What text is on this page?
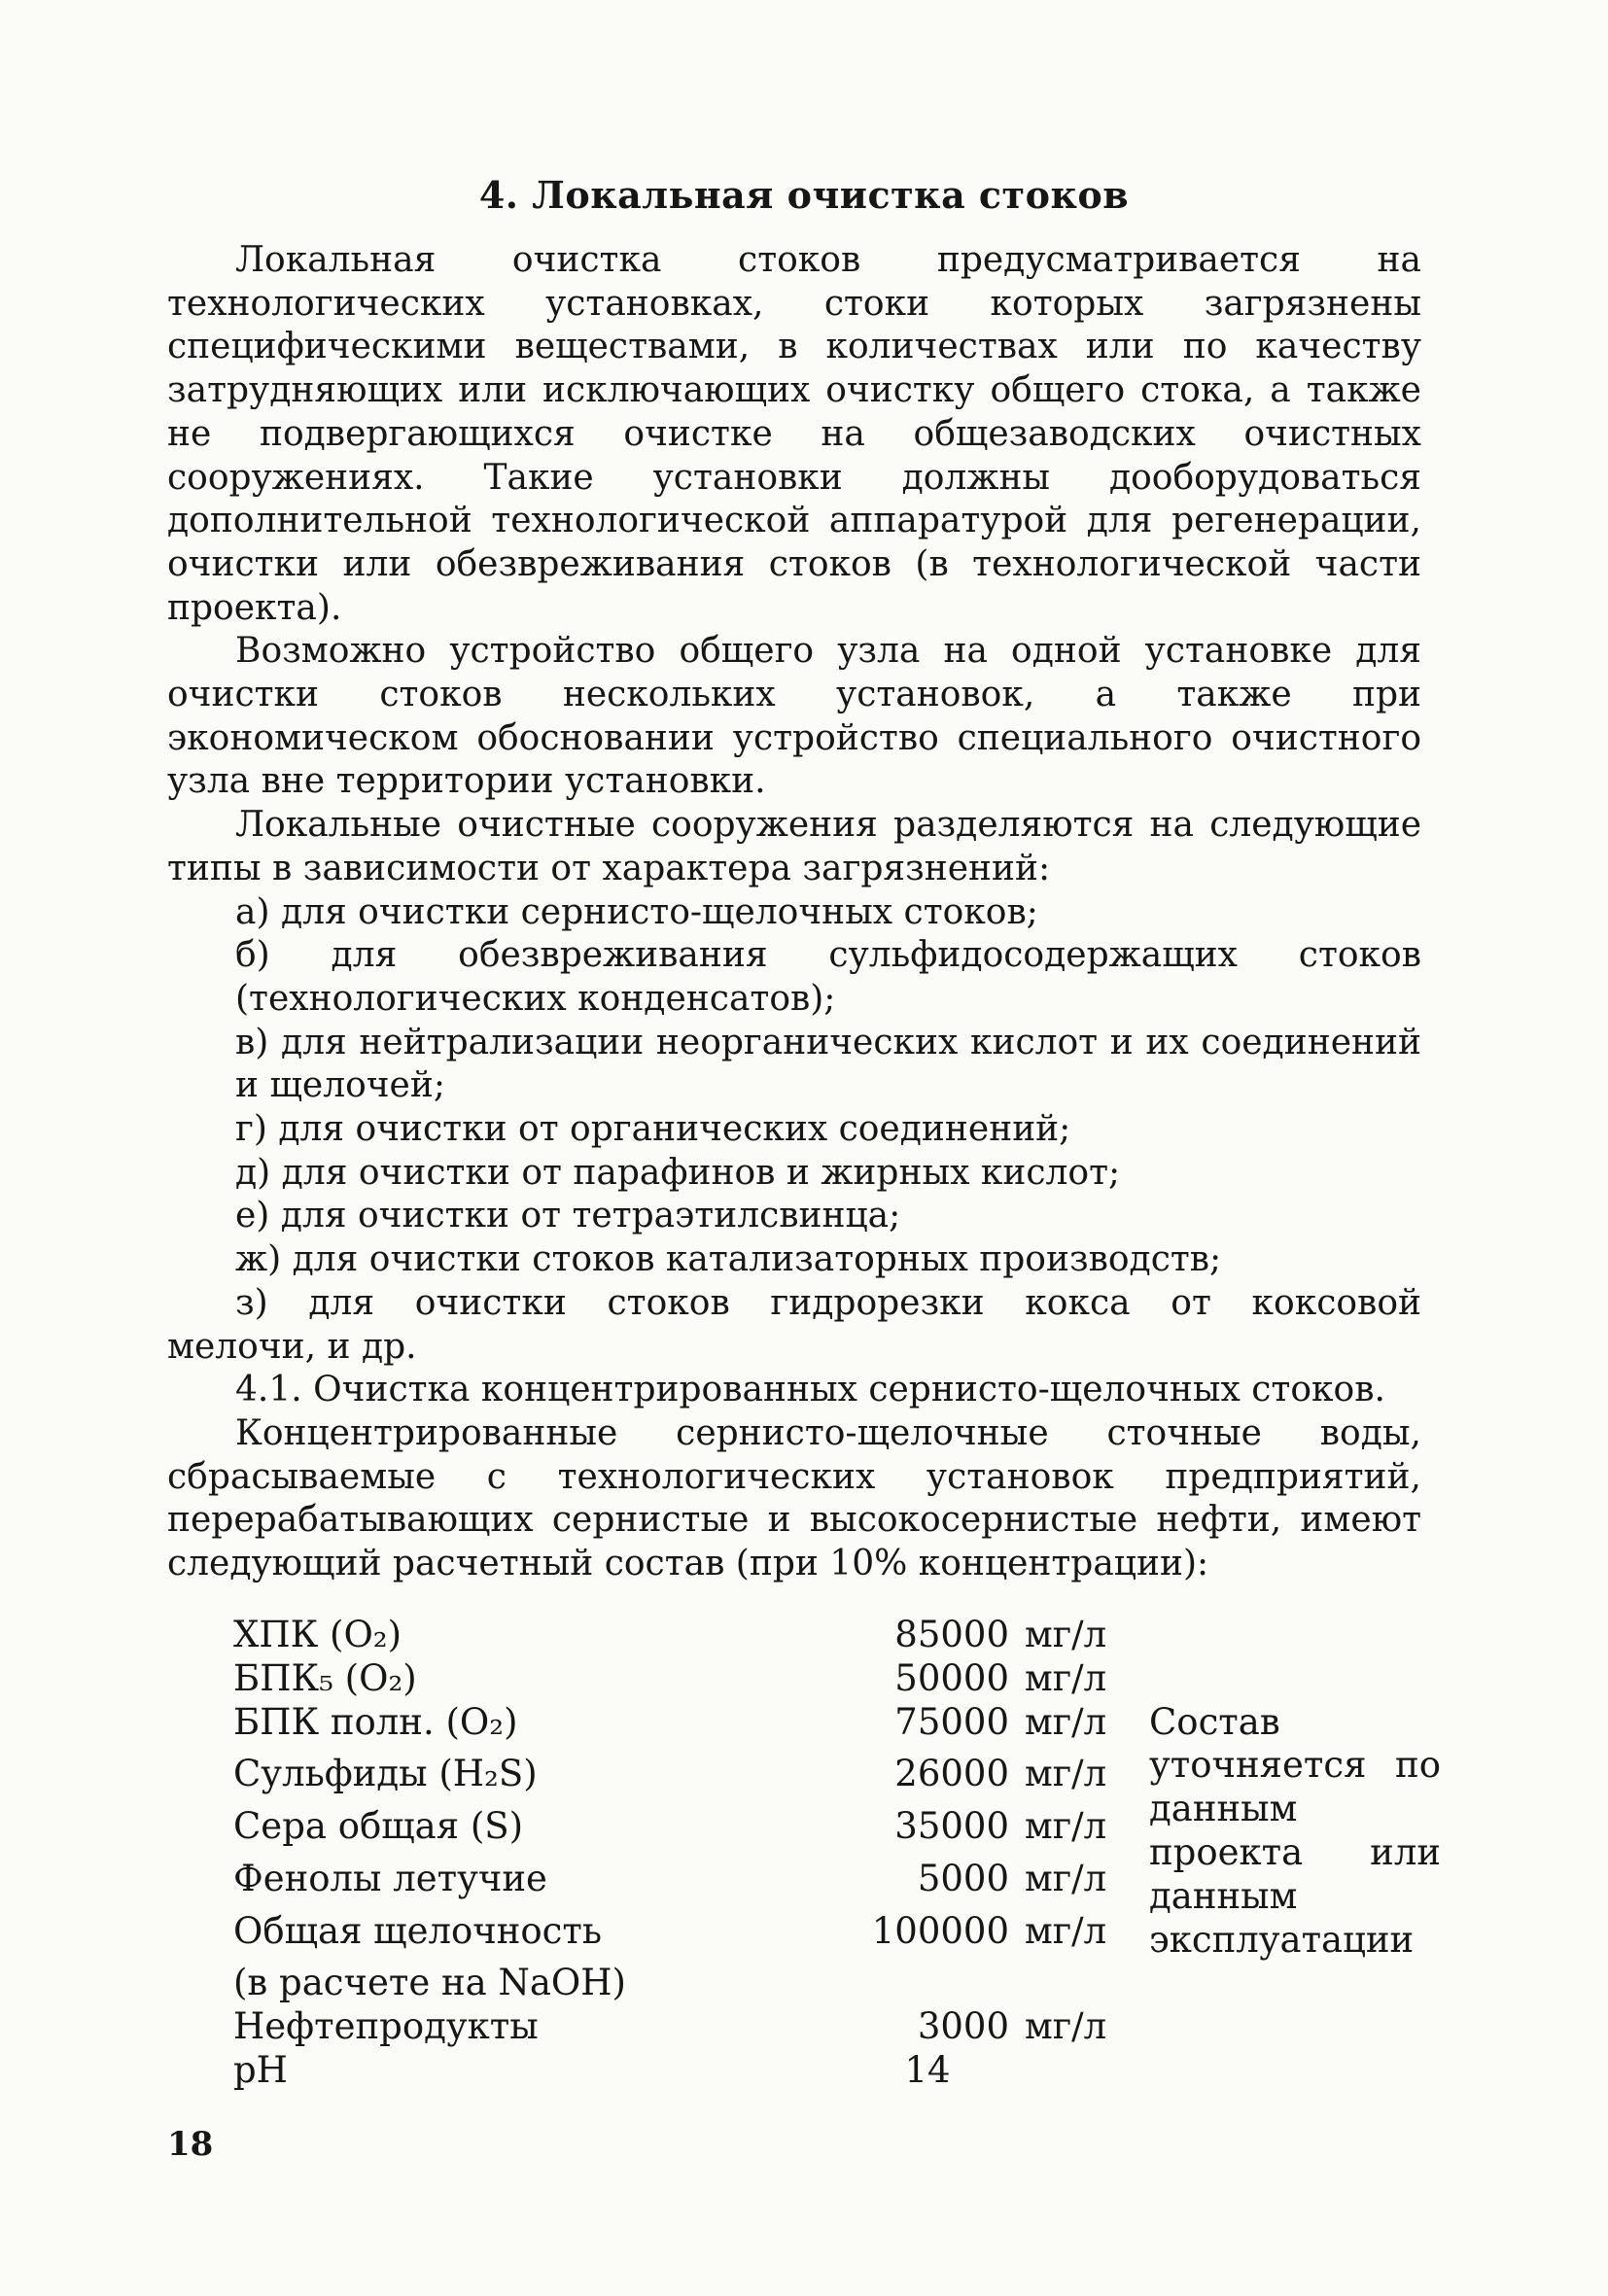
4. Локальная очистка стоков

Локальная очистка стоков предусматривается на технологических установках, стоки которых загрязнены специфическими веществами, в количествах или по качеству затрудняющих или исключающих очистку общего стока, а также не подвергающихся очистке на общезаводских очистных сооружениях. Такие установки должны дооборудоваться дополнительной технологической аппаратурой для регенерации, очистки или обезвреживания стоков (в технологической части проекта).

Возможно устройство общего узла на одной установке для очистки стоков нескольких установок, а также при экономическом обосновании устройство специального очистного узла вне территории установки.

Локальные очистные сооружения разделяются на следующие типы в зависимости от характера загрязнений:

а) для очистки сернисто-щелочных стоков;

б) для обезвреживания сульфидосодержащих стоков (технологических конденсатов);

в) для нейтрализации неорганических кислот и их соединений и щелочей;

г) для очистки от органических соединений;

д) для очистки от парафинов и жирных кислот;

е) для очистки от тетраэтилсвинца;

ж) для очистки стоков катализаторных производств;

з) для очистки стоков гидрорезки кокса от коксовой

мелочи, и др.

4.1. Очистка концентрированных сернисто-щелочных стоков.

Концентрированные сернисто-щелочные сточные воды, сбрасываемые с технологических установок предприятий, перерабатывающих сернистые и высокосернистые нефти, имеют следующий расчетный состав (при 10% концентрации):

ХПК (О₂)	85000	мг/л	
БПК₅ (О₂)	50000	мг/л	
БПК полн. (О₂)	75000	мг/л	Состав уточняется по данным проекта или данным эксплуатации
Сульфиды (H₂S)	26000	мг/л	
Сера общая (S)	35000	мг/л	
Фенолы летучие	5000	мг/л	
Общая щелочность	100000	мг/л	
(в расчете на NaOH)			
Нефтепродукты	3000	мг/л	
pH	14		
18
